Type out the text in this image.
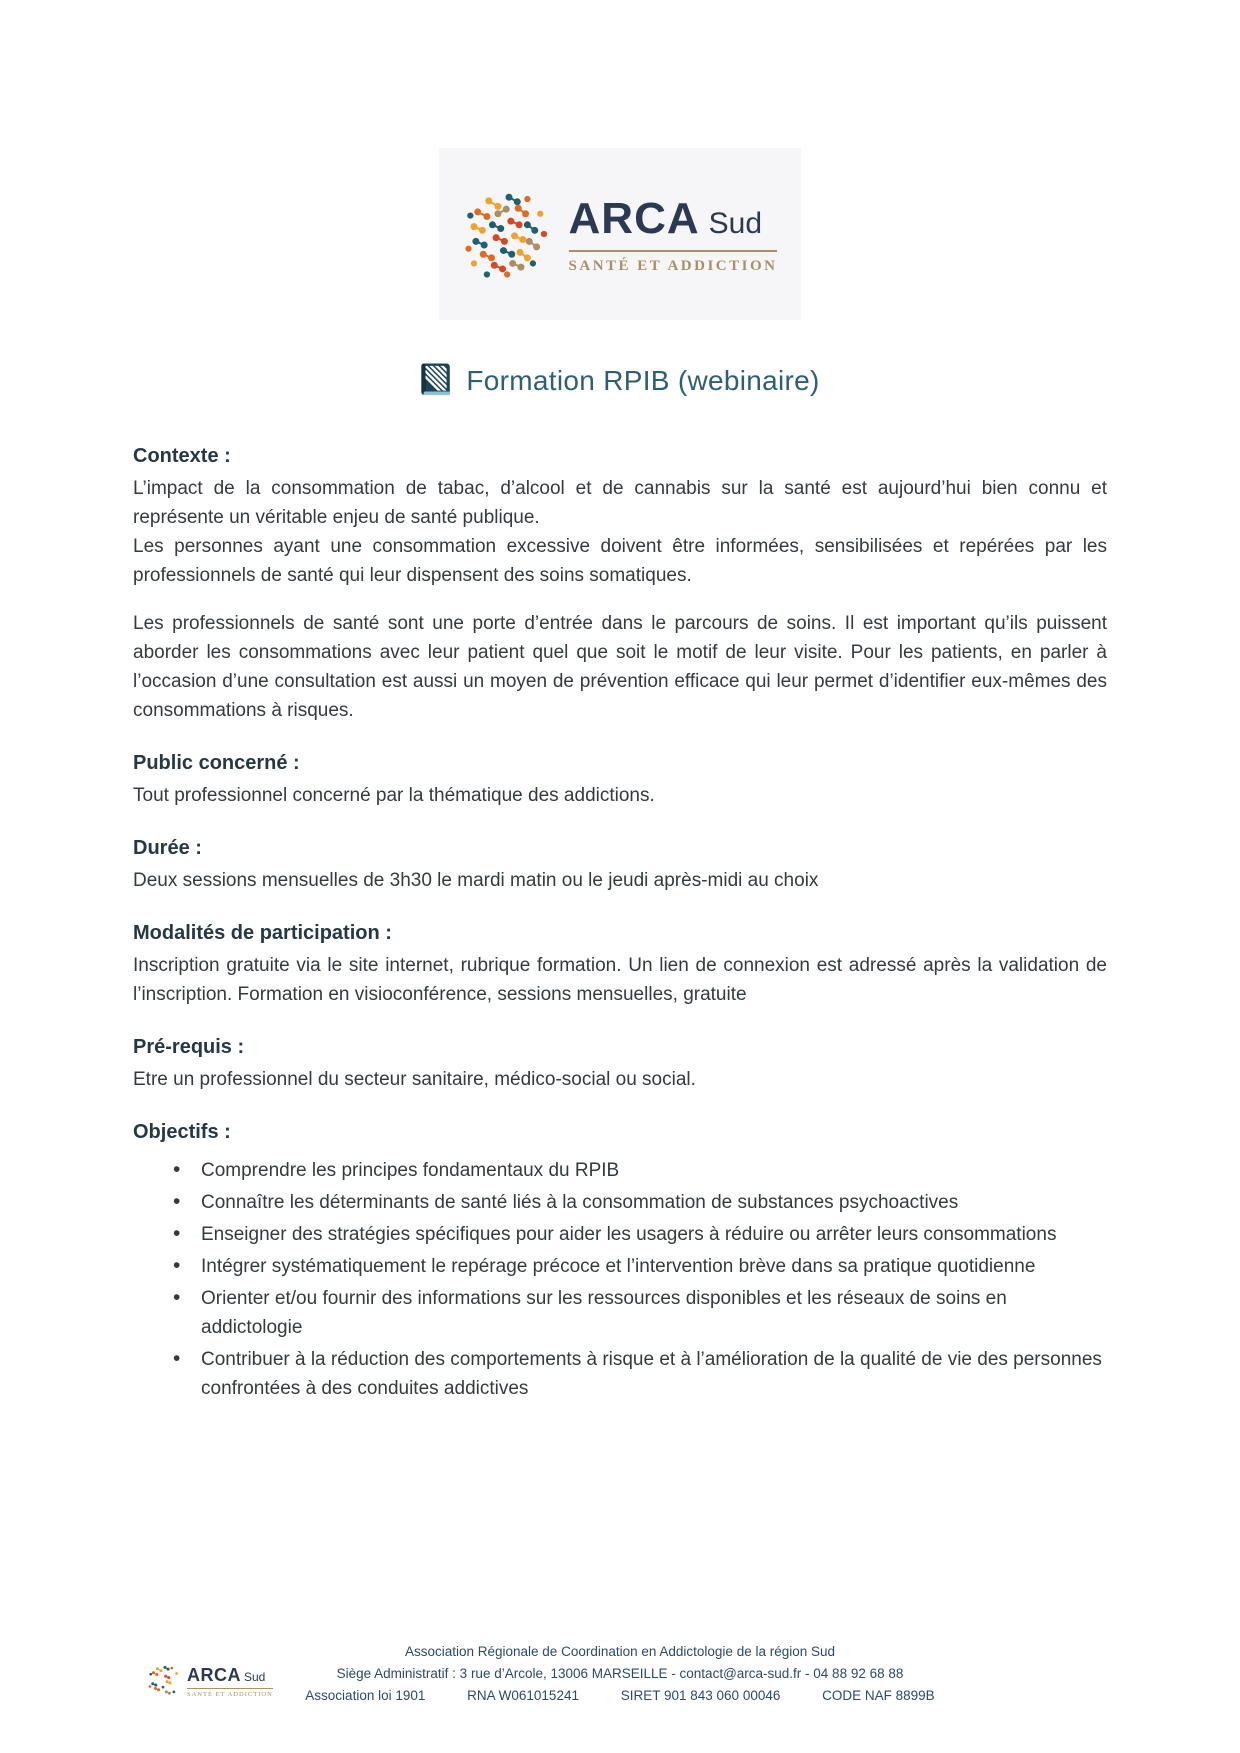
ARCA Sud
SANTÉ ET ADDICTION
Formation RPIB (webinaire)
Contexte :

L’impact de la consommation de tabac, d’alcool et de cannabis sur la santé est aujourd’hui bien connu et représente un véritable enjeu de santé publique.

Les personnes ayant une consommation excessive doivent être informées, sensibilisées et repérées par les professionnels de santé qui leur dispensent des soins somatiques.

Les professionnels de santé sont une porte d’entrée dans le parcours de soins. Il est important qu’ils puissent aborder les consommations avec leur patient quel que soit le motif de leur visite. Pour les patients, en parler à l’occasion d’une consultation est aussi un moyen de prévention efficace qui leur permet d’identifier eux-mêmes des consommations à risques.

Public concerné :

Tout professionnel concerné par la thématique des addictions.

Durée :

Deux sessions mensuelles de 3h30 le mardi matin ou le jeudi après-midi au choix

Modalités de participation :

Inscription gratuite via le site internet, rubrique formation. Un lien de connexion est adressé après la validation de l’inscription. Formation en visioconférence, sessions mensuelles, gratuite

Pré-requis :

Etre un professionnel du secteur sanitaire, médico-social ou social.

Objectifs :
• Comprendre les principes fondamentaux du RPIB
• Connaître les déterminants de santé liés à la consommation de substances psychoactives
• Enseigner des stratégies spécifiques pour aider les usagers à réduire ou arrêter leurs consommations
• Intégrer systématiquement le repérage précoce et l’intervention brève dans sa pratique quotidienne
• Orienter et/ou fournir des informations sur les ressources disponibles et les réseaux de soins en addictologie
• Contribuer à la réduction des comportements à risque et à l’amélioration de la qualité de vie des personnes confrontées à des conduites addictives
ARCA Sud
SANTÉ ET ADDICTION
Association Régionale de Coordination en Addictologie de la région Sud
Siège Administratif : 3 rue d’Arcole, 13006 MARSEILLE - contact@arca-sud.fr - 04 88 92 68 88
Association loi 1901	RNA W061015241	SIRET 901 843 060 00046	CODE NAF 8899B
